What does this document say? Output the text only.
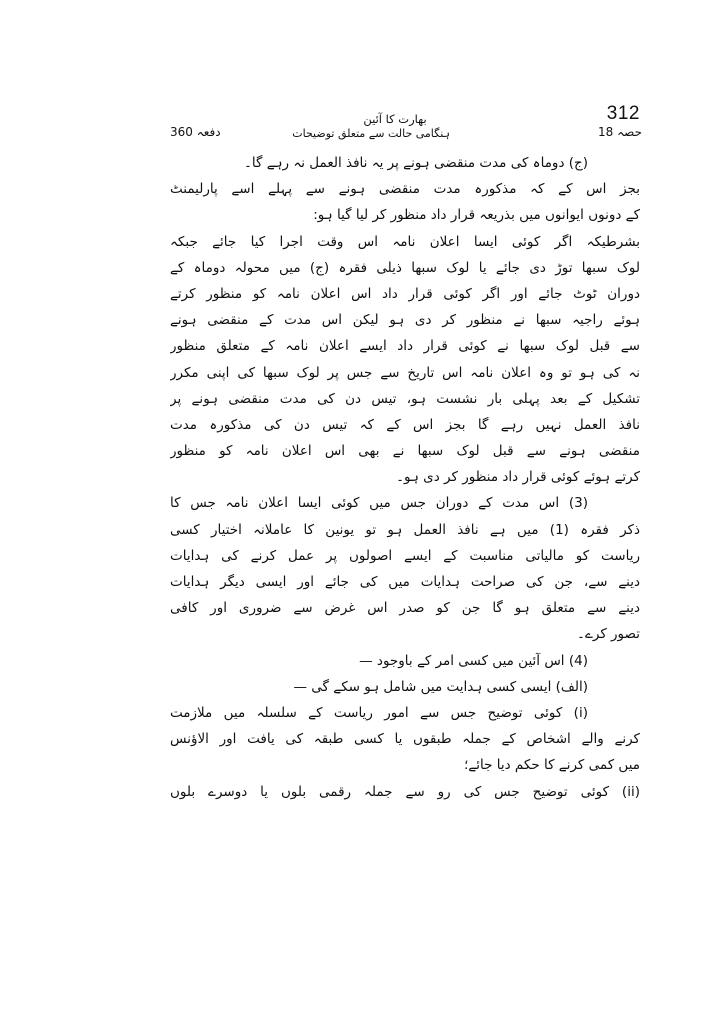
312
بھارت کا آئین
ہنگامی حالت سے متعلق توضیحات	حصہ 18
دفعہ 360
(ج) دوماہ کی مدت منقضی ہونے پر یہ نافذ العمل نہ رہے گا۔
بجز اس کے کہ مذکورہ مدت منقضی ہونے سے پہلے اسے پارلیمنٹ
کے دونوں ایوانوں میں بذریعہ قرار داد منظور کر لیا گیا ہو:
بشرطیکہ اگر کوئی ایسا اعلان نامہ اس وقت اجرا کیا جائے جبکہ
لوک سبھا توڑ دی جائے یا لوک سبھا ذیلی فقرہ (ج) میں محولہ دوماہ کے
دوران ٹوٹ جائے اور اگر کوئی قرار داد اس اعلان نامہ کو منظور کرتے
ہوئے راجیہ سبھا نے منظور کر دی ہو لیکن اس مدت کے منقضی ہونے
سے قبل لوک سبھا نے کوئی قرار داد ایسے اعلان نامہ کے متعلق منظور
نہ کی ہو تو وہ اعلان نامہ اس تاریخ سے جس پر لوک سبھا کی اپنی مکرر
تشکیل کے بعد پہلی بار نشست ہو، تیس دن کی مدت منقضی ہونے پر
نافذ العمل نہیں رہے گا بجز اس کے کہ تیس دن کی مذکورہ مدت
منقضی ہونے سے قبل لوک سبھا نے بھی اس اعلان نامہ کو منظور
کرتے ہوئے کوئی قرار داد منظور کر دی ہو۔
(3) اس مدت کے دوران جس میں کوئی ایسا اعلان نامہ جس کا
ذکر فقرہ (1) میں ہے نافذ العمل ہو تو یونین کا عاملانہ اختیار کسی
ریاست کو مالیاتی مناسبت کے ایسے اصولوں پر عمل کرنے کی ہدایات
دینے سے، جن کی صراحت ہدایات میں کی جائے اور ایسی دیگر ہدایات
دینے سے متعلق ہو گا جن کو صدر اس غرض سے ضروری اور کافی
تصور کرے۔
(4) اس آئین میں کسی امر کے باوجود —
(الف) ایسی کسی ہدایت میں شامل ہو سکے گی —
(i) کوئی توضیح جس سے امور ریاست کے سلسلہ میں ملازمت
کرنے والے اشخاص کے جملہ طبقوں یا کسی طبقہ کی یافت اور الاؤنس
میں کمی کرنے کا حکم دیا جائے؛
(ii) کوئی توضیح جس کی رو سے جملہ رقمی بلوں یا دوسرے بلوں
